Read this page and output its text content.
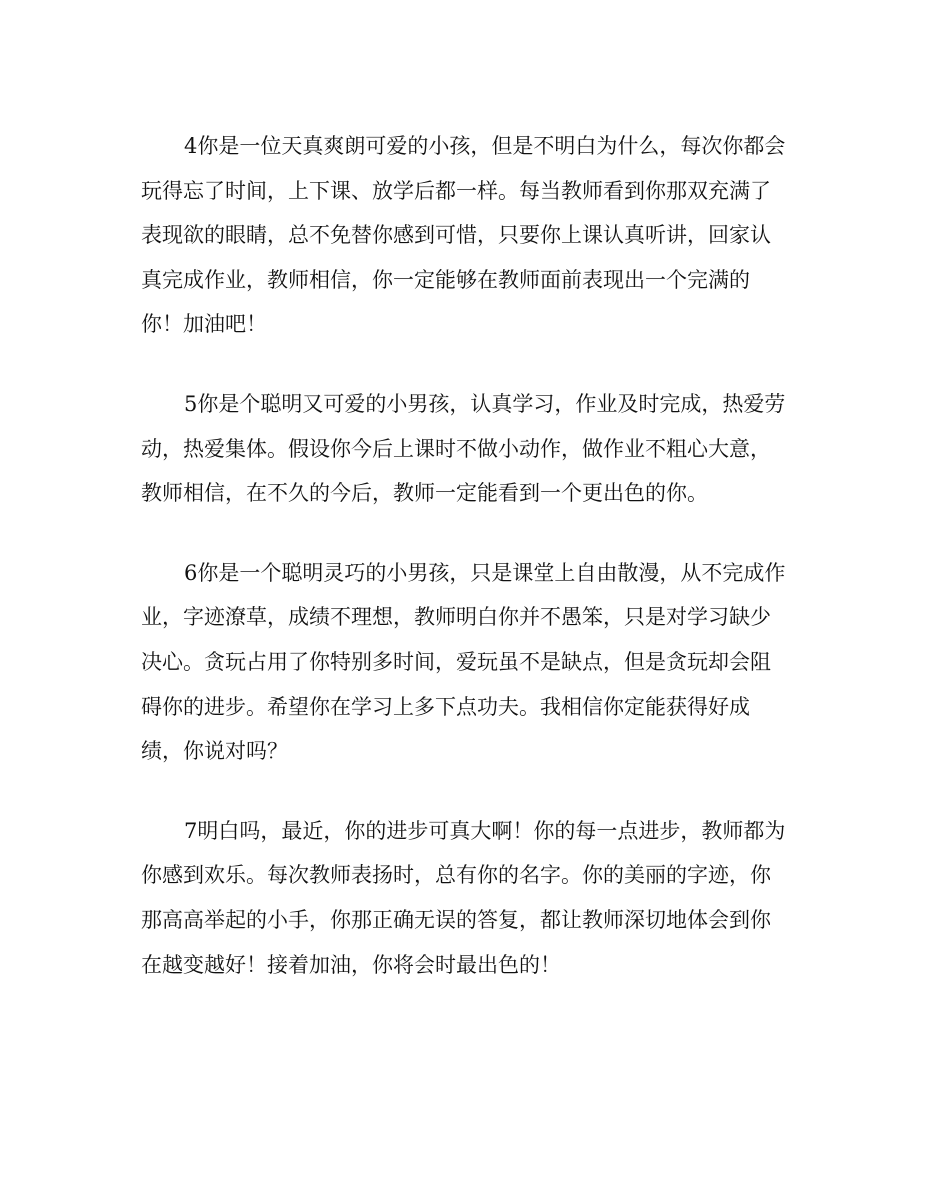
4你是一位天真爽朗可爱的小孩，但是不明白为什么，每次你都会
玩得忘了时间，上下课、放学后都一样。每当教师看到你那双充满了
表现欲的眼睛，总不免替你感到可惜，只要你上课认真听讲，回家认
真完成作业，教师相信，你一定能够在教师面前表现出一个完满的
你！加油吧！
5你是个聪明又可爱的小男孩，认真学习，作业及时完成，热爱劳
动，热爱集体。假设你今后上课时不做小动作，做作业不粗心大意，
教师相信，在不久的今后，教师一定能看到一个更出色的你。
6你是一个聪明灵巧的小男孩，只是课堂上自由散漫，从不完成作
业，字迹潦草，成绩不理想，教师明白你并不愚笨，只是对学习缺少
决心。贪玩占用了你特别多时间，爱玩虽不是缺点，但是贪玩却会阻
碍你的进步。希望你在学习上多下点功夫。我相信你定能获得好成
绩，你说对吗？
7明白吗，最近，你的进步可真大啊！你的每一点进步，教师都为
你感到欢乐。每次教师表扬时，总有你的名字。你的美丽的字迹，你
那高高举起的小手，你那正确无误的答复，都让教师深切地体会到你
在越变越好！接着加油，你将会时最出色的！
